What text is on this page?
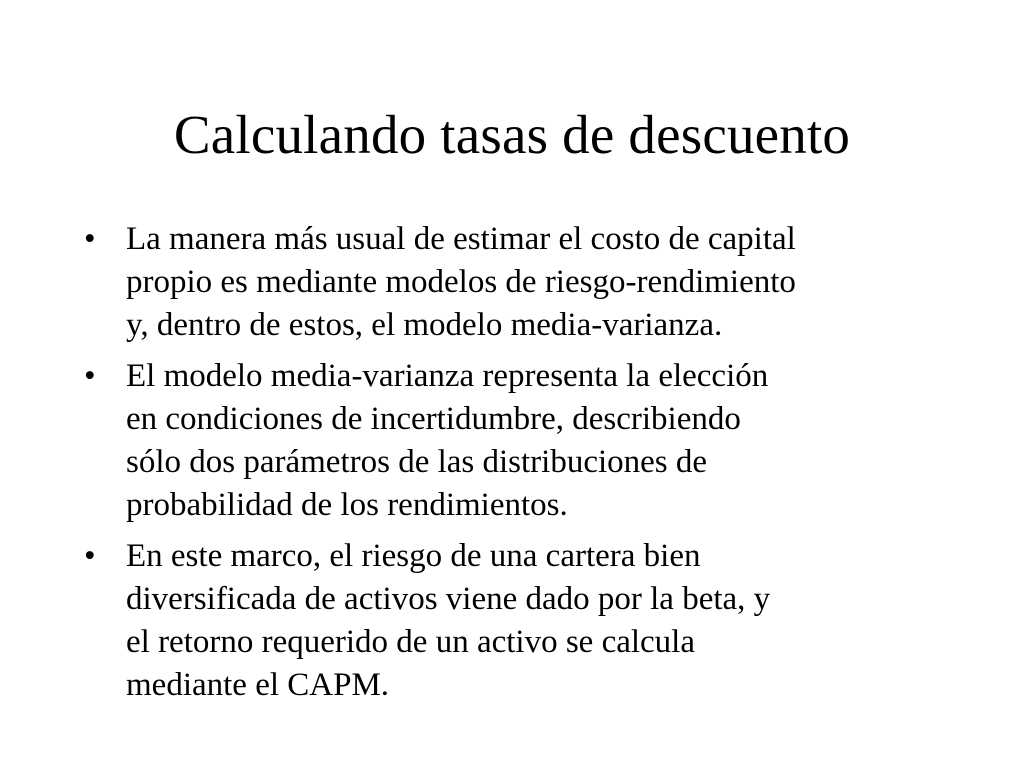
Calculando tasas de descuento
• La manera más usual de estimar el costo de capital
propio es mediante modelos de riesgo-rendimiento
y, dentro de estos, el modelo media-varianza.
• El modelo media-varianza representa la elección
en condiciones de incertidumbre, describiendo
sólo dos parámetros de las distribuciones de
probabilidad de los rendimientos.
• En este marco, el riesgo de una cartera bien
diversificada de activos viene dado por la beta, y
el retorno requerido de un activo se calcula
mediante el CAPM.
